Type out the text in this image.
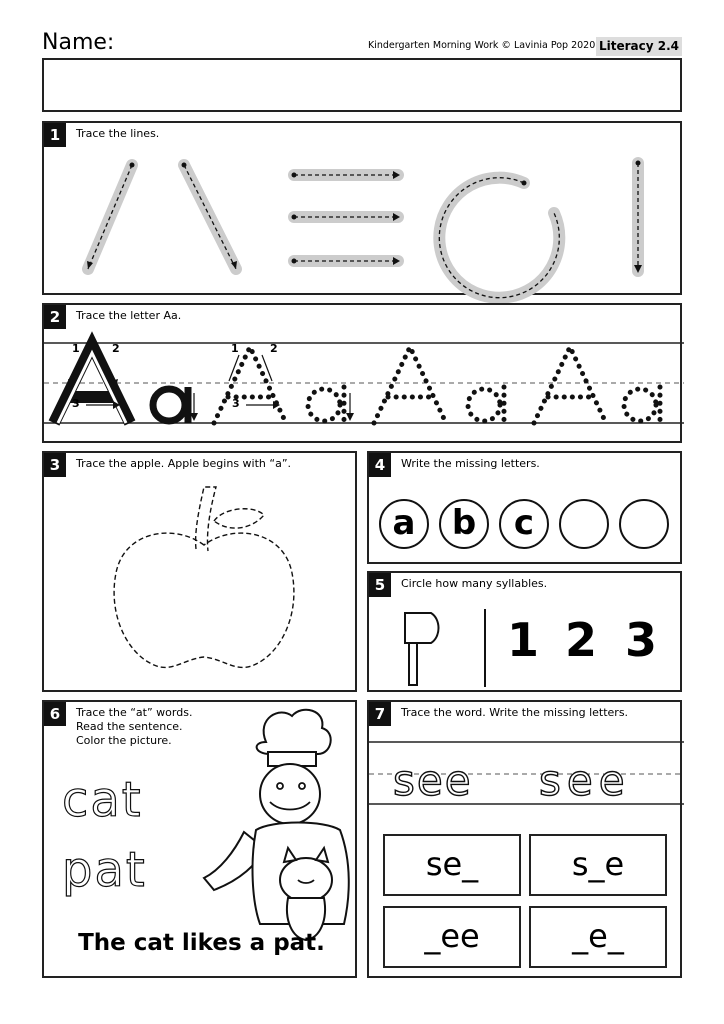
Name:	Kindergarten Morning Work © Lavinia Pop 2020 Literacy 2.4
1	Trace the lines.
2	Trace the letter Aa.
1	2
3
1	2
3
3	Trace the apple. Apple begins with “a”.	4	Write the missing letters.
a	b	c
5	Circle how many syllables.
1 2 3
6	Trace the “at” words.
Read the sentence.
Color the picture.
cat
pat
The cat likes a pat.
7	Trace the word. Write the missing letters.
see see
se_	s_e
_ee	_e_
